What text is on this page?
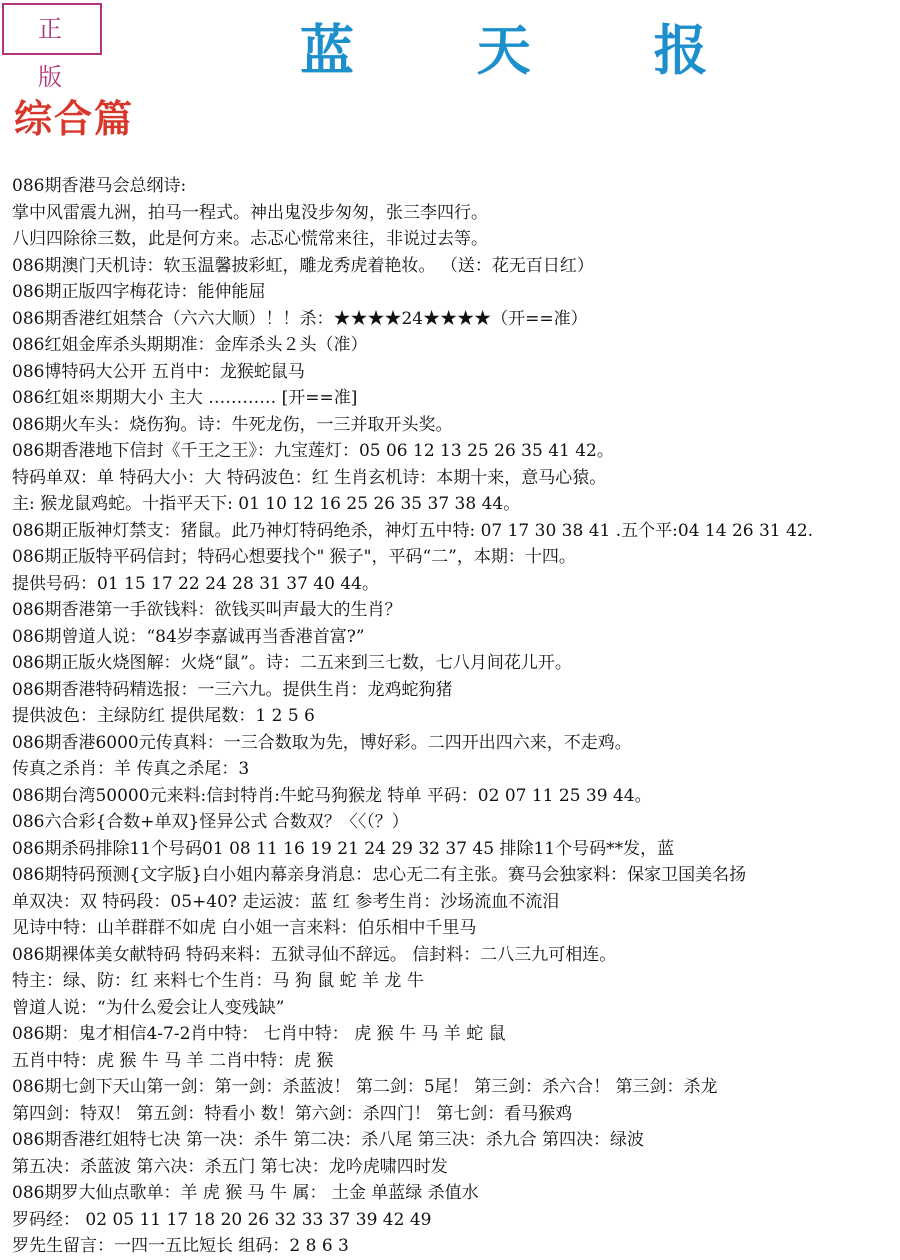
正 版	蓝 天 报
综合篇
086期香港马会总纲诗:
掌中风雷震九洲，拍马一程式。神出鬼没步匆匆，张三李四行。
八归四除徐三数，此是何方来。忐忑心慌常来往，非说过去等。
086期澳门天机诗：软玉温馨披彩虹，雕龙秀虎着艳妆。 （送：花无百日红）
086期正版四字梅花诗：能伸能屈
086期香港红姐禁合（六六大顺）！！杀：★★★★24★★★★（开==准）
086红姐金库杀头期期准：金库杀头２头（准）
086博特码大公开 五肖中：龙猴蛇鼠马
086红姐※期期大小 主大 ………… [开==准]
086期火车头：烧伤狗。诗：牛死龙伤，一三并取开头奖。
086期香港地下信封《千王之王》：九宝莲灯：05 06 12 13 25 26 35 41 42。
特码单双：单 特码大小：大 特码波色：红 生肖玄机诗：本期十来，意马心猿。
主: 猴龙鼠鸡蛇。十指平天下: 01 10 12 16 25 26 35 37 38 44。
086期正版神灯禁支：猪鼠。此乃神灯特码绝杀，神灯五中特: 07 17 30 38 41 .五个平:04 14 26 31 42.
086期正版特平码信封；特码心想要找个" 猴子"，平码“二”，本期：十四。
提供号码：01 15 17 22 24 28 31 37 40 44。
086期香港第一手欲钱料：欲钱买叫声最大的生肖？
086期曾道人说：“84岁李嘉诚再当香港首富?”
086期正版火烧图解：火烧“鼠”。诗：二五来到三七数，七八月间花儿开。
086期香港特码精选报：一三六九。提供生肖：龙鸡蛇狗猪
提供波色：主绿防红 提供尾数：1 2 5 6
086期香港6000元传真料：一三合数取为先，博好彩。二四开出四六来，不走鸡。
传真之杀肖：羊 传真之杀尾：3
086期台湾50000元来料:信封特肖:牛蛇马狗猴龙 特单 平码：02 07 11 25 39 44。
086六合彩{合数+单双}怪异公式 合数双？〈〈（？）
086期杀码排除11个号码01 08 11 16 19 21 24 29 32 37 45 排除11个号码**发，蓝
086期特码预测{文字版}白小姐内幕亲身消息：忠心无二有主张。赛马会独家料：保家卫国美名扬
单双决：双 特码段：05+40? 走运波：蓝 红 参考生肖：沙场流血不流泪
见诗中特：山羊群群不如虎 白小姐一言来料：伯乐相中千里马
086期裸体美女献特码 特码来料：五狱寻仙不辞远。 信封料：二八三九可相连。
特主：绿、防：红 来料七个生肖：马 狗 鼠 蛇 羊 龙 牛
曾道人说：“为什么爱会让人变残缺”
086期：鬼才相信4-7-2肖中特： 七肖中特： 虎 猴 牛 马 羊 蛇 鼠
五肖中特：虎 猴 牛 马 羊 二肖中特：虎 猴
086期七剑下天山第一剑：第一剑：杀蓝波！ 第二剑：5尾！ 第三剑：杀六合！ 第三剑：杀龙
第四剑：特双！ 第五剑：特看小 数！第六剑：杀四门！ 第七剑：看马猴鸡
086期香港红姐特七决 第一决：杀牛 第二决：杀八尾 第三决：杀九合 第四决：绿波
第五决：杀蓝波 第六决：杀五门 第七决：龙吟虎啸四时发
086期罗大仙点歌单：羊 虎 猴 马 牛 属： 土金 单蓝绿 杀值水
罗码经： 02 05 11 17 18 20 26 32 33 37 39 42 49
罗先生留言：一四一五比短长 组码：2 8 6 3
